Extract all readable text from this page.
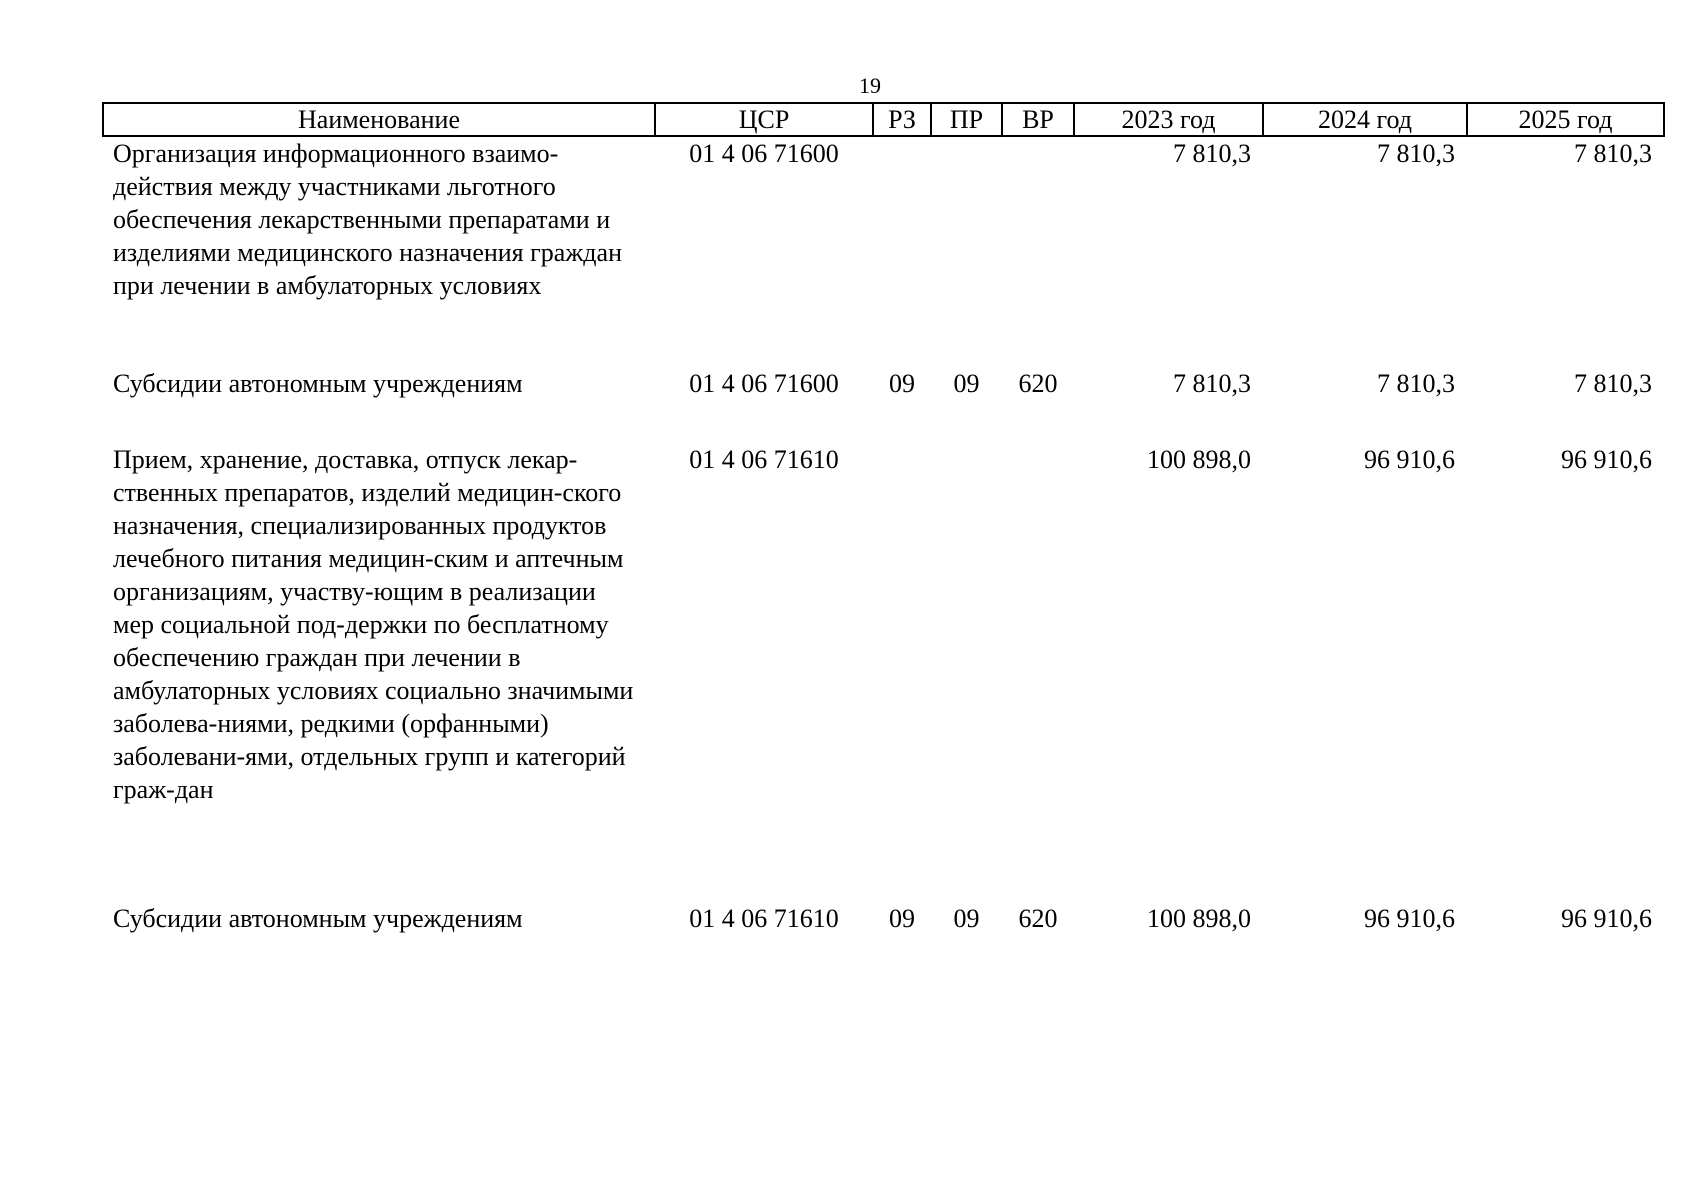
19
Наименование	ЦСР	РЗ	ПР	ВР	2023 год	2024 год	2025 год
Организация информационного взаимо-действия между участниками льготного обеспечения лекарственными препаратами и изделиями медицинского назначения граждан при лечении в амбулаторных условиях	01 4 06 71600				7 810,3	7 810,3	7 810,3
Субсидии автономным учреждениям	01 4 06 71600	09	09	620	7 810,3	7 810,3	7 810,3
Прием, хранение, доставка, отпуск лекар-ственных препаратов, изделий медицин-ского назначения, специализированных продуктов лечебного питания медицин-ским и аптечным организациям, участву-ющим в реализации мер социальной под-держки по бесплатному обеспечению граждан при лечении в амбулаторных условиях социально значимыми заболева-ниями, редкими (орфанными) заболевани-ями, отдельных групп и категорий граж-дан	01 4 06 71610				100 898,0	96 910,6	96 910,6
Субсидии автономным учреждениям	01 4 06 71610	09	09	620	100 898,0	96 910,6	96 910,6
